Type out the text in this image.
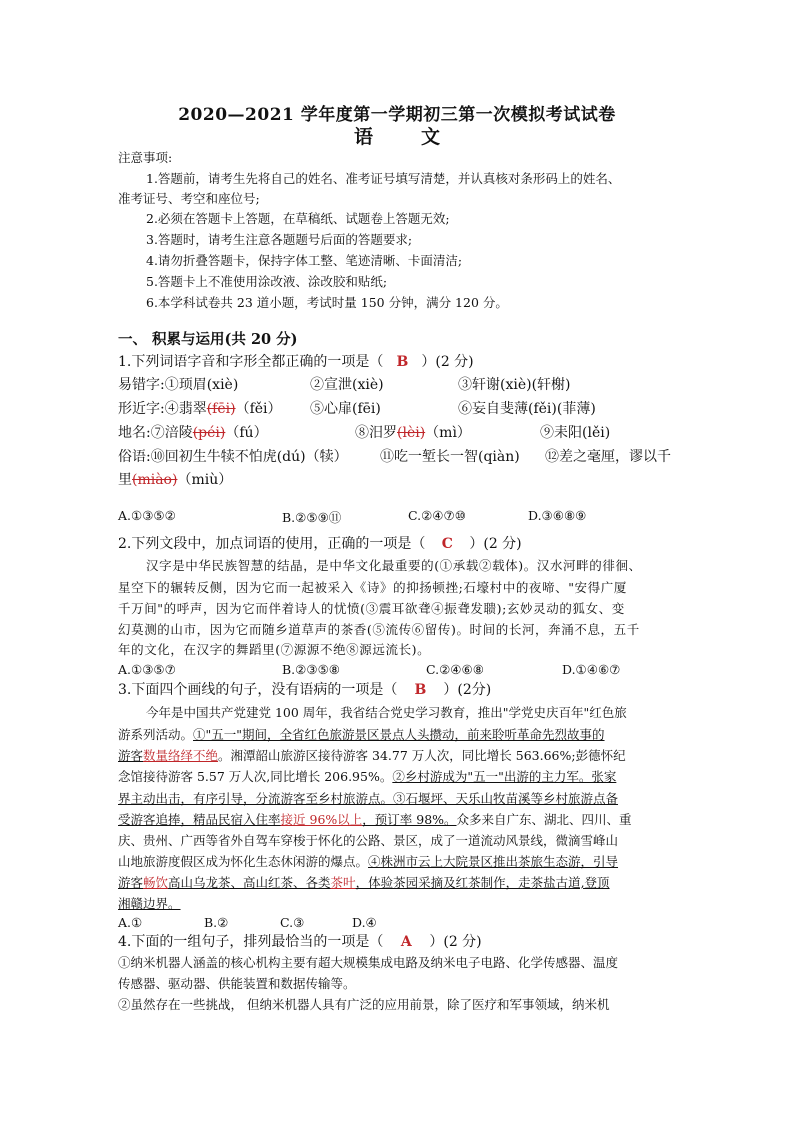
2020—2021 学年度第一学期初三第一次模拟考试试卷
语	文
注意事项:
1.答题前，请考生先将自己的姓名、准考证号填写清楚，并认真核对条形码上的姓名、
准考证号、考空和座位号;
2.必须在答题卡上答题，在草稿纸、试题卷上答题无效;
3.答题时，请考生注意各题题号后面的答题要求;
4.请勿折叠答题卡，保持字体工整、笔迹清晰、卡面清洁;
5.答题卡上不准使用涂改液、涂改胶和贴纸;
6.本学科试卷共 23 道小题，考试时量 150 分钟，满分 120 分。
一、 积累与运用(共 20 分)
1.下列词语字音和字形全都正确的一项是（ B ）(2 分)
易错字:①顼眉(xiè)	②宣泄(xiè)	③轩谢(xiè)(轩榭)
形近字:④翡翠(fēi)（fěi） ⑤心扉(fēi)	⑥妄自斐薄(fěi)(菲薄)
地名:⑦涪陵(péi)（fú）	⑧汨罗(lèi)（mì）	⑨耒阳(lěi)
俗语:⑩回初生牛犊不怕虎(dú)（犊） ⑪吃一堑长一智(qiàn) ⑫差之毫厘，谬以千
里(miào)（miù）
A.①③⑤②	B.②⑤⑨⑪	C.②④⑦⑩	D.③⑥⑧⑨
2.下列文段中，加点词语的使用，正确的一项是（ C ）(2 分)
汉字是中华民族智慧的结晶，是中华文化最重要的(①承载②载体)。汉水河畔的徘徊、
星空下的辗转反侧，因为它而一起被采入《诗》的抑扬顿挫;石壕村中的夜啼、"安得广厦
千万间"的呼声，因为它而伴着诗人的忧愤(③震耳欲聋④振聋发聩);玄妙灵动的狐女、变
幻莫测的山市，因为它而随乡道草声的茶香(⑤流传⑥留传)。时间的长河，奔涌不息，五千
年的文化，在汉字的舞蹈里(⑦源源不绝⑧源远流长)。
A.①③⑤⑦	B.②③⑤⑧	C.②④⑥⑧	D.①④⑥⑦
3.下面四个画线的句子，没有语病的一项是（ B ）(2分)
今年是中国共产党建党 100 周年，我省结合党史学习教育，推出"学党史庆百年"红色旅
游系列活动。①"五一"期间，全省红色旅游景区景点人头攒动，前来聆听革命先烈故事的
游客数量络绎不绝。湘潭韶山旅游区接待游客 34.77 万人次，同比增长 563.66%;彭德怀纪
念馆接待游客 5.57 万人次,同比增长 206.95%。②乡村游成为"五一"出游的主力军。张家
界主动出击，有序引导，分流游客至乡村旅游点。③石堰坪、天乐山牧苗溪等乡村旅游点备
受游客追捧，精品民宿入住率接近 96%以上，预订率 98%。众多来自广东、湖北、四川、重
庆、贵州、广西等省外自驾车穿梭于怀化的公路、景区，成了一道流动风景线，微滴雪峰山
山地旅游度假区成为怀化生态休闲游的爆点。④株洲市云上大院景区推出茶旅生态游，引导
游客畅饮高山乌龙茶、高山红茶、各类茶叶，体验茶园采摘及红茶制作，走茶盐古道,登顶
湘赣边界。
A.①	B.②	C.③	D.④
4.下面的一组句子，排列最恰当的一项是（ A ）(2 分)
①纳米机器人涵盖的核心机构主要有超大规模集成电路及纳米电子电路、化学传感器、温度
传感器、驱动器、供能装置和数据传输等。
②虽然存在一些挑战， 但纳米机器人具有广泛的应用前景，除了医疗和军事领域，纳米机
